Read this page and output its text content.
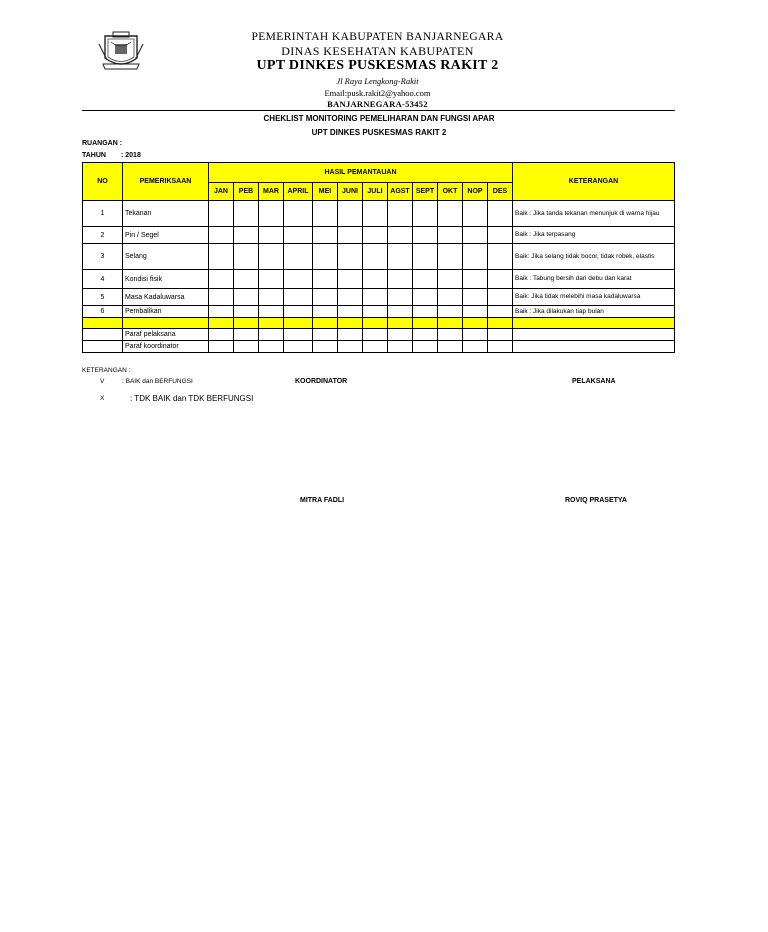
PEMERINTAH KABUPATEN BANJARNEGARA
DINAS KESEHATAN KABUPATEN
UPT DINKES PUSKESMAS RAKIT 2
Jl Raya Lengkong-Rakit
Email:pusk.rakit2@yahoo.com
BANJARNEGARA-53452
CHEKLIST MONITORING PEMELIHARAN DAN FUNGSI APAR
UPT DINKES PUSKESMAS RAKIT 2
RUANGAN :
TAHUN : 2018
NO	PEMERIKSAAN	HASIL PEMANTAUAN												KETERANGAN
		JAN	PEB	MAR	APRIL	MEI	JUNI	JULI	AGST	SEPT	OKT	NOP	DES	
1	Tekanan													Baik : Jika tanda tekanan menunjuk di warna hijau
2	Pin / Segel													Baik : Jika terpasang
3	Selang													Baik: Jika selang tidak bocor, tidak robek, elastis
4	Kondisi fisik													Baik : Tabung bersih dari debu dan karat
5	Masa Kadaluwarsa													Baik: Jika tidak melebihi masa kadaluwarsa
6	Pembalikan													Baik : Jika dilakukan tiap bulan

	Paraf pelaksana													
	Paraf koordinator													
KETERANGAN :
V	: BAIK dan BERFUNGSI
X	: TDK BAIK dan TDK BERFUNGSI
KOORDINATOR	PELAKSANA
MITRA FADLI	ROVIQ PRASETYA
